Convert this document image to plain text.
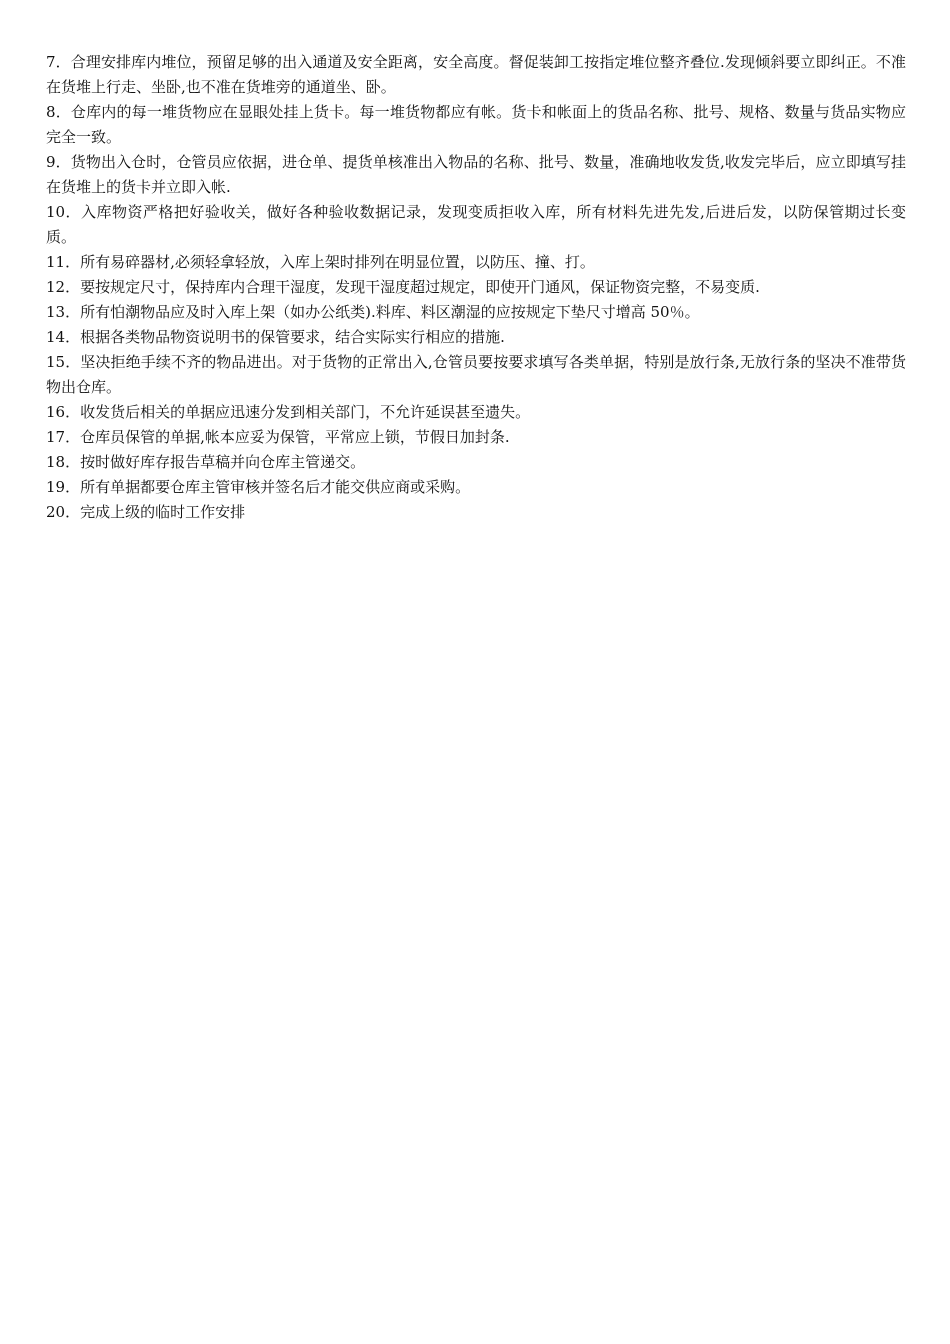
7．合理安排库内堆位，预留足够的出入通道及安全距离，安全高度。督促装卸工按指定堆位整齐叠位.发现倾斜要立即纠正。不准在货堆上行走、坐卧,也不准在货堆旁的通道坐、卧。

8．仓库内的每一堆货物应在显眼处挂上货卡。每一堆货物都应有帐。货卡和帐面上的货品名称、批号、规格、数量与货品实物应完全一致。

9．货物出入仓时，仓管员应依据，进仓单、提货单核准出入物品的名称、批号、数量，准确地收发货,收发完毕后，应立即填写挂在货堆上的货卡并立即入帐.

10．入库物资严格把好验收关，做好各种验收数据记录，发现变质拒收入库，所有材料先进先发,后进后发，以防保管期过长变质。

11．所有易碎器材,必须轻拿轻放，入库上架时排列在明显位置，以防压、撞、打。

12．要按规定尺寸，保持库内合理干湿度，发现干湿度超过规定，即使开门通风，保证物资完整，不易变质.

13．所有怕潮物品应及时入库上架（如办公纸类).料库、料区潮湿的应按规定下垫尺寸增高 50％。

14．根据各类物品物资说明书的保管要求，结合实际实行相应的措施.

15．坚决拒绝手续不齐的物品进出。对于货物的正常出入,仓管员要按要求填写各类单据，特别是放行条,无放行条的坚决不准带货物出仓库。

16．收发货后相关的单据应迅速分发到相关部门，不允许延误甚至遗失。

17．仓库员保管的单据,帐本应妥为保管，平常应上锁，节假日加封条.

18．按时做好库存报告草稿并向仓库主管递交。

19．所有单据都要仓库主管审核并签名后才能交供应商或采购。

20．完成上级的临时工作安排
